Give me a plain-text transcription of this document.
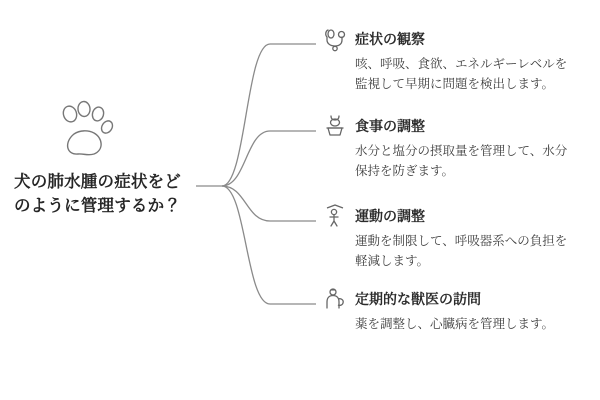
犬の肺水腫の症状をどのように管理するか？
症状の観察
咳、呼吸、食欲、エネルギーレベルを監視して早期に問題を検出します。
食事の調整
水分と塩分の摂取量を管理して、水分保持を防ぎます。
運動の調整
運動を制限して、呼吸器系への負担を軽減します。
定期的な獣医の訪問
薬を調整し、心臓病を管理します。
